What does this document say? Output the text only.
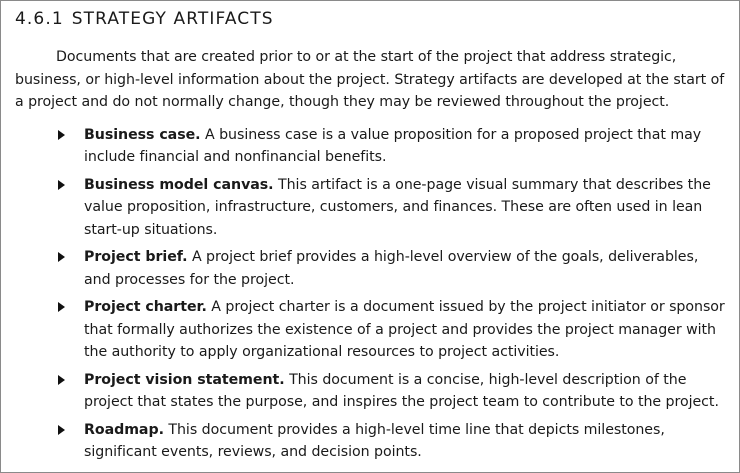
4.6.1 STRATEGY ARTIFACTS

Documents that are created prior to or at the start of the project that address strategic, business, or high-level information about the project. Strategy artifacts are developed at the start of a project and do not normally change, though they may be reviewed throughout the project.

Business case. A business case is a value proposition for a proposed project that may include financial and nonfinancial benefits.
Business model canvas. This artifact is a one-page visual summary that describes the value proposition, infrastructure, customers, and finances. These are often used in lean start-up situations.
Project brief. A project brief provides a high-level overview of the goals, deliverables, and processes for the project.
Project charter. A project charter is a document issued by the project initiator or sponsor that formally authorizes the existence of a project and provides the project manager with the authority to apply organizational resources to project activities.
Project vision statement. This document is a concise, high-level description of the project that states the purpose, and inspires the project team to contribute to the project.
Roadmap. This document provides a high-level time line that depicts milestones, significant events, reviews, and decision points.
